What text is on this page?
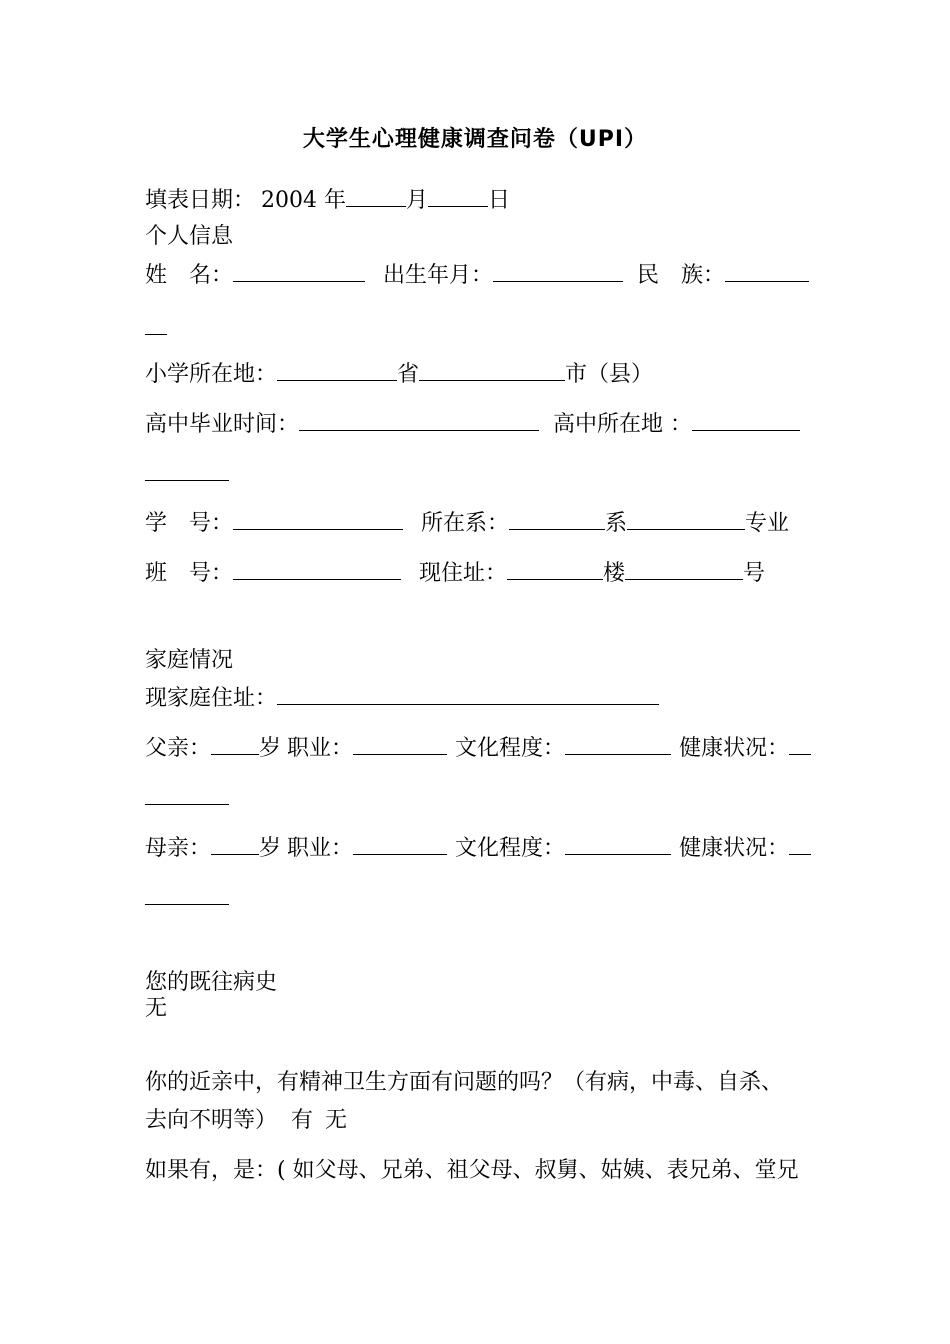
大学生心理健康调查问卷（UPI）
填表日期： 2004 年	月	日
个人信息
姓　名：	出生年月：	民　族：
小学所在地：	省	市（县）
高中毕业时间：	高中所在地 ：
学　号：	所在系：	系	专业
班　号：	现住址：	楼	号
家庭情况
现家庭住址：
父亲： 岁 职业：	文化程度：	健康状况：
母亲： 岁 职业：	文化程度：	健康状况：
您的既往病史
无
你的近亲中，有精神卫生方面有问题的吗？（有病，中毒、自杀、
去向不明等） 有 无
如果有，是：( 如父母、兄弟、祖父母、叔舅、姑姨、表兄弟、堂兄
